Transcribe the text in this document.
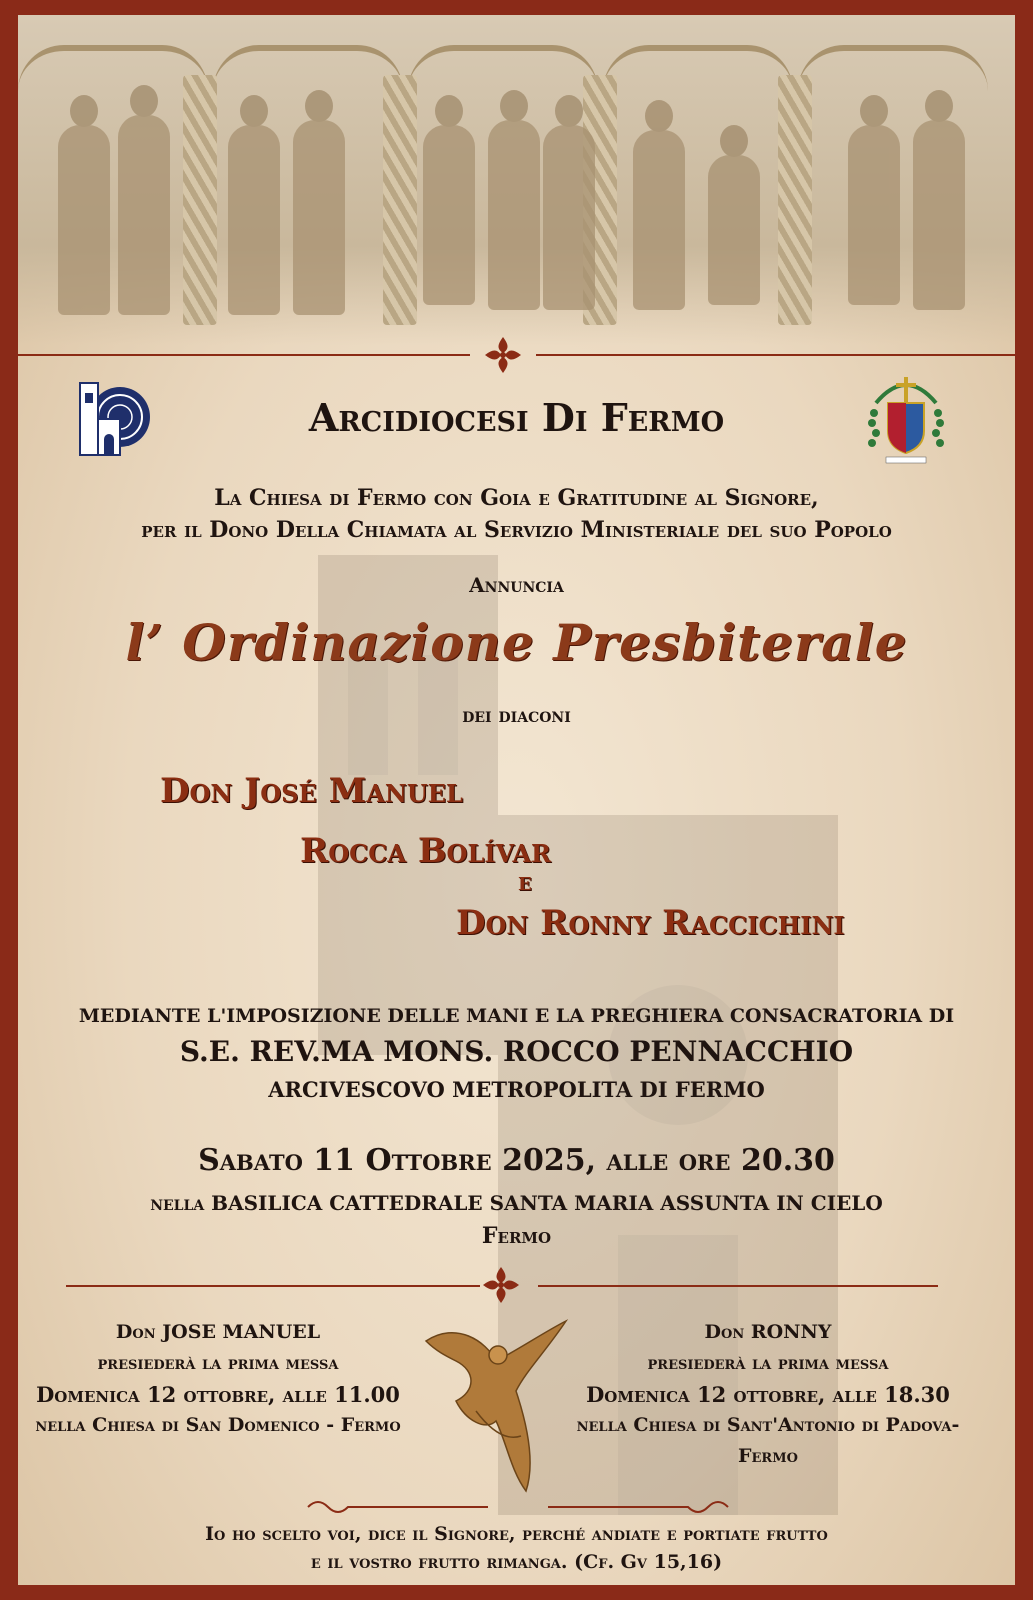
Arcidiocesi Di Fermo
La Chiesa di Fermo con Goia e Gratitudine al Signore,
per il Dono Della Chiamata al Servizio Ministeriale del suo Popolo
Annuncia
l’ Ordinazione Presbiterale
dei diaconi
Don José Manuel
Rocca Bolívar
e
Don Ronny Raccichini
MEDIANTE L'IMPOSIZIONE DELLE MANI E LA PREGHIERA CONSACRATORIA DI
S.E. REV.MA MONS. ROCCO PENNACCHIO
ARCIVESCOVO METROPOLITA DI FERMO
Sabato 11 Ottobre 2025, alle ore 20.30
nella BASILICA CATTEDRALE SANTA MARIA ASSUNTA IN CIELO
Fermo
Don JOSE MANUEL
presiederà la prima messa
Domenica 12 ottobre, alle 11.00
nella Chiesa di San Domenico - Fermo
Don RONNY
presiederà la prima messa
Domenica 12 ottobre, alle 18.30
nella Chiesa di Sant'Antonio di Padova- Fermo
Io ho scelto voi, dice il Signore, perché andiate e portiate frutto
e il vostro frutto rimanga. (Cf. Gv 15,16)
